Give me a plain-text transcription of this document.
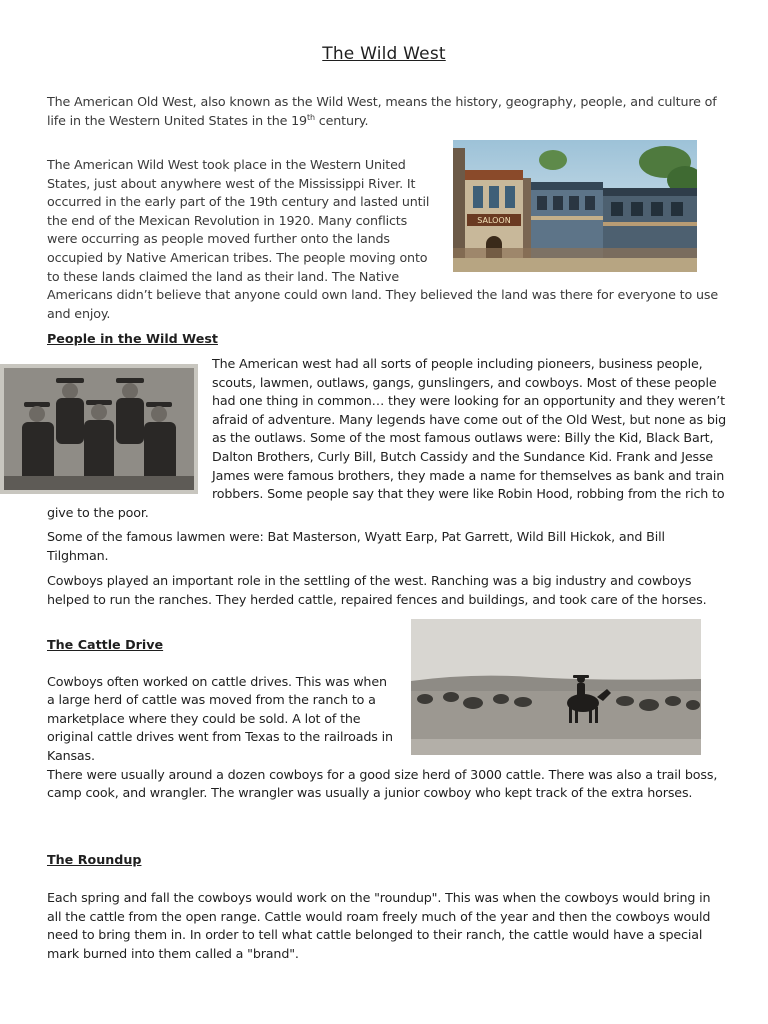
The Wild West

The American Old West, also known as the Wild West, means the history, geography, people, and culture of life in the Western United States in the 19th century.

SALOON

The American Wild West took place in the Western United States, just about anywhere west of the Mississippi River. It occurred in the early part of the 19th century and lasted until the end of the Mexican Revolution in 1920. Many conflicts were occurring as people moved further onto the lands occupied by Native American tribes. The people moving onto to these lands claimed the land as their land. The Native Americans didn’t believe that anyone could own land. They believed the land was there for everyone to use and enjoy.

People in the Wild West

The American west had all sorts of people including pioneers, business people, scouts, lawmen, outlaws, gangs, gunslingers, and cowboys. Most of these people had one thing in common… they were looking for an opportunity and they weren’t afraid of adventure. Many legends have come out of the Old West, but none as big as the outlaws. Some of the most famous outlaws were: Billy the Kid, Black Bart, Dalton Brothers, Curly Bill, Butch Cassidy and the Sundance Kid. Frank and Jesse James were famous brothers, they made a name for themselves as bank and train robbers. Some people say that they were like Robin Hood, robbing from the rich to give to the poor.

Some of the famous lawmen were: Bat Masterson, Wyatt Earp, Pat Garrett, Wild Bill Hickok, and Bill Tilghman.

Cowboys played an important role in the settling of the west. Ranching was a big industry and cowboys helped to run the ranches. They herded cattle, repaired fences and buildings, and took care of the horses.

The Cattle Drive

Cowboys often worked on cattle drives. This was when a large herd of cattle was moved from the ranch to a marketplace where they could be sold. A lot of the original cattle drives went from Texas to the railroads in Kansas.

There were usually around a dozen cowboys for a good size herd of 3000 cattle. There was also a trail boss, camp cook, and wrangler. The wrangler was usually a junior cowboy who kept track of the extra horses.

The Roundup

Each spring and fall the cowboys would work on the "roundup". This was when the cowboys would bring in all the cattle from the open range. Cattle would roam freely much of the year and then the cowboys would need to bring them in. In order to tell what cattle belonged to their ranch, the cattle would have a special mark burned into them called a "brand".
